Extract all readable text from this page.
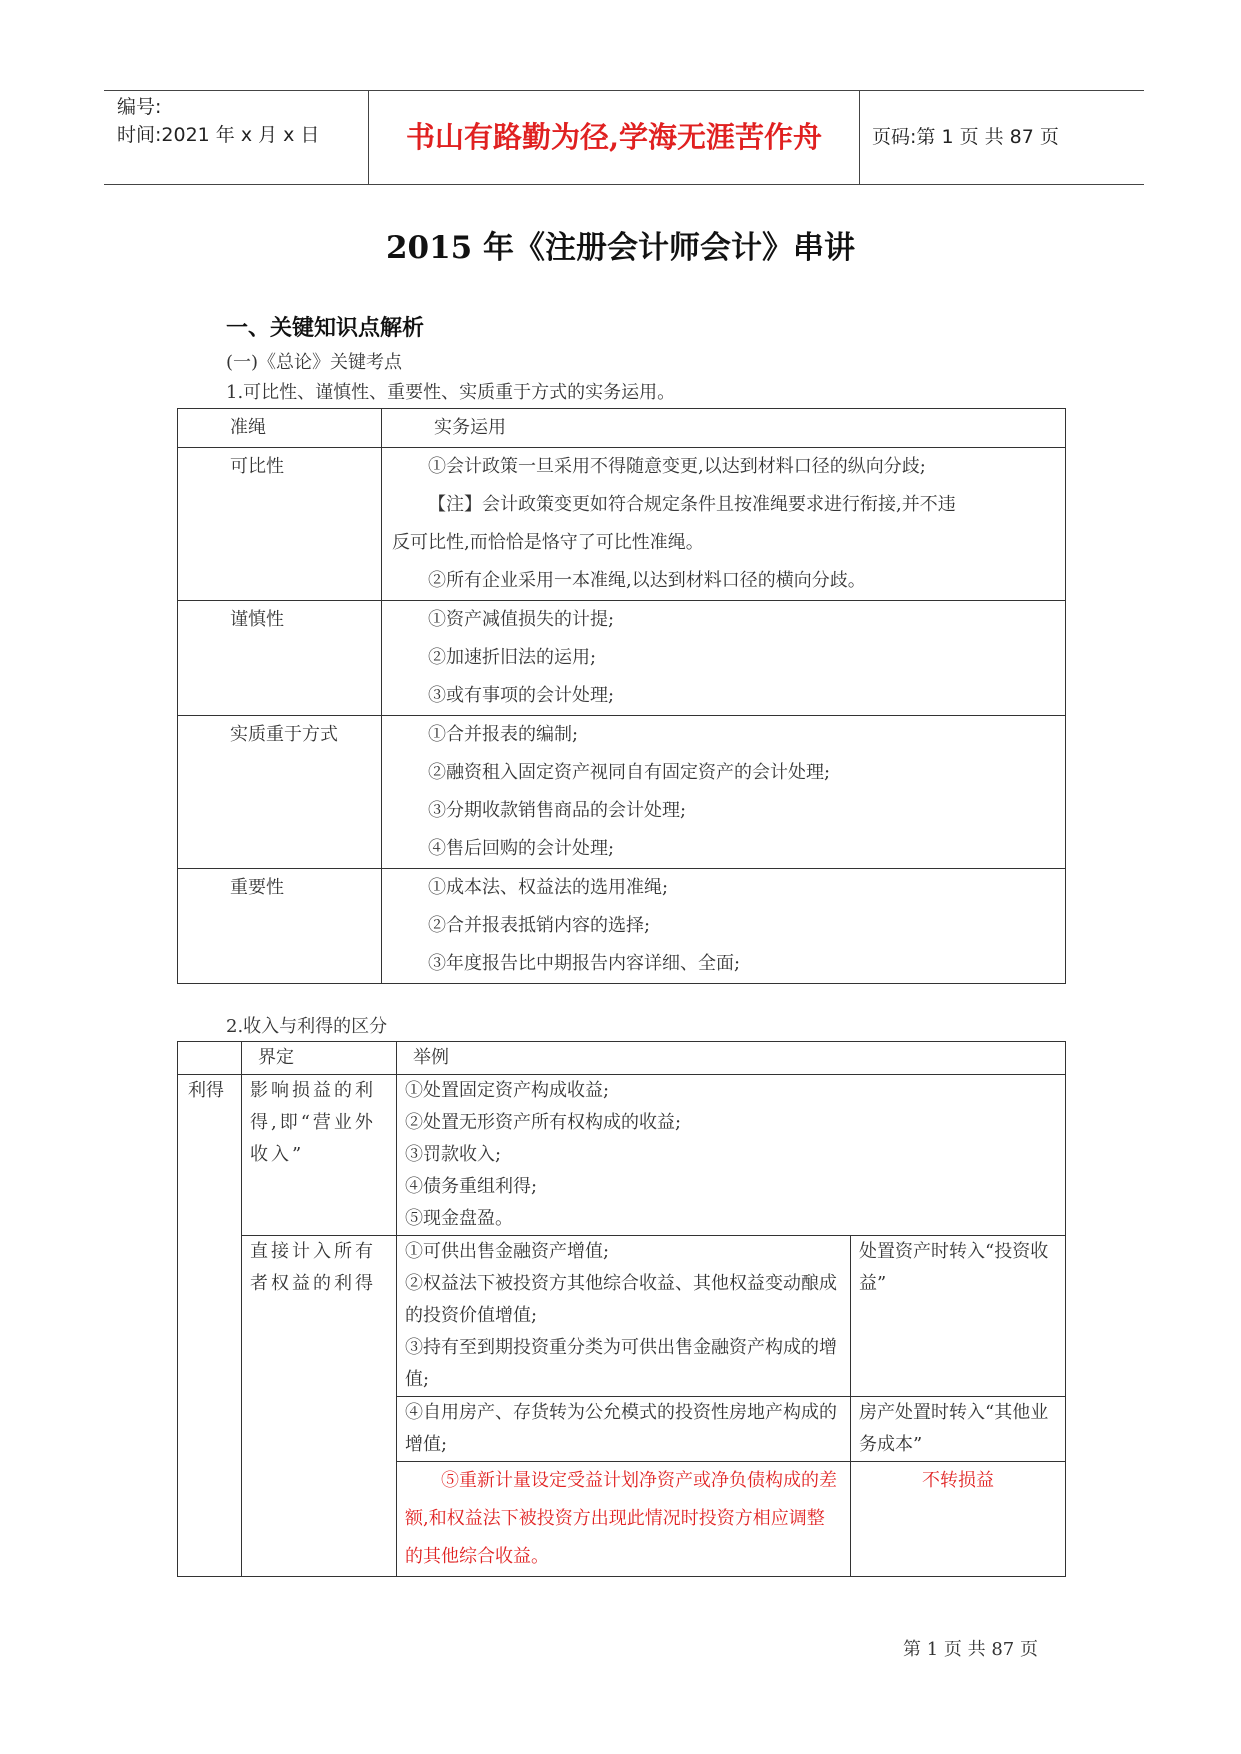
编号:
时间:2021 年 x 月 x 日	书山有路勤为径,学海无涯苦作舟	页码:第 1 页 共 87 页
2015 年《注册会计师会计》串讲
一、关键知识点解析
(一)《总论》关键考点
1.可比性、谨慎性、重要性、实质重于方式的实务运用。
准绳	实务运用
可比性	①会计政策一旦采用不得随意变更,以达到材料口径的纵向分歧;
【注】会计政策变更如符合规定条件且按准绳要求进行衔接,并不违
反可比性,而恰恰是恪守了可比性准绳。
②所有企业采用一本准绳,以达到材料口径的横向分歧。

谨慎性	①资产减值损失的计提;
②加速折旧法的运用;
③或有事项的会计处理;

实质重于方式	①合并报表的编制;
②融资租入固定资产视同自有固定资产的会计处理;
③分期收款销售商品的会计处理;
④售后回购的会计处理;

重要性	①成本法、权益法的选用准绳;
②合并报表抵销内容的选择;
③年度报告比中期报告内容详细、全面;
2.收入与利得的区分
	界定	举例	
利得	影响损益的利得,即“营业外收入”	①处置固定资产构成收益;
②处置无形资产所有权构成的收益;
③罚款收入;
④债务重组利得;
⑤现金盘盈。	

	直接计入所有者权益的利得	①可供出售金融资产增值;
②权益法下被投资方其他综合收益、其他权益变动酿成的投资价值增值;
③持有至到期投资重分类为可供出售金融资产构成的增值;	处置资产时转入“投资收益”

		④自用房产、存货转为公允模式的投资性房地产构成的增值;	房产处置时转入“其他业务成本”

		⑤重新计量设定受益计划净资产或净负债构成的差额,和权益法下被投资方出现此情况时投资方相应调整的其他综合收益。	不转损益
第 1 页 共 87 页
